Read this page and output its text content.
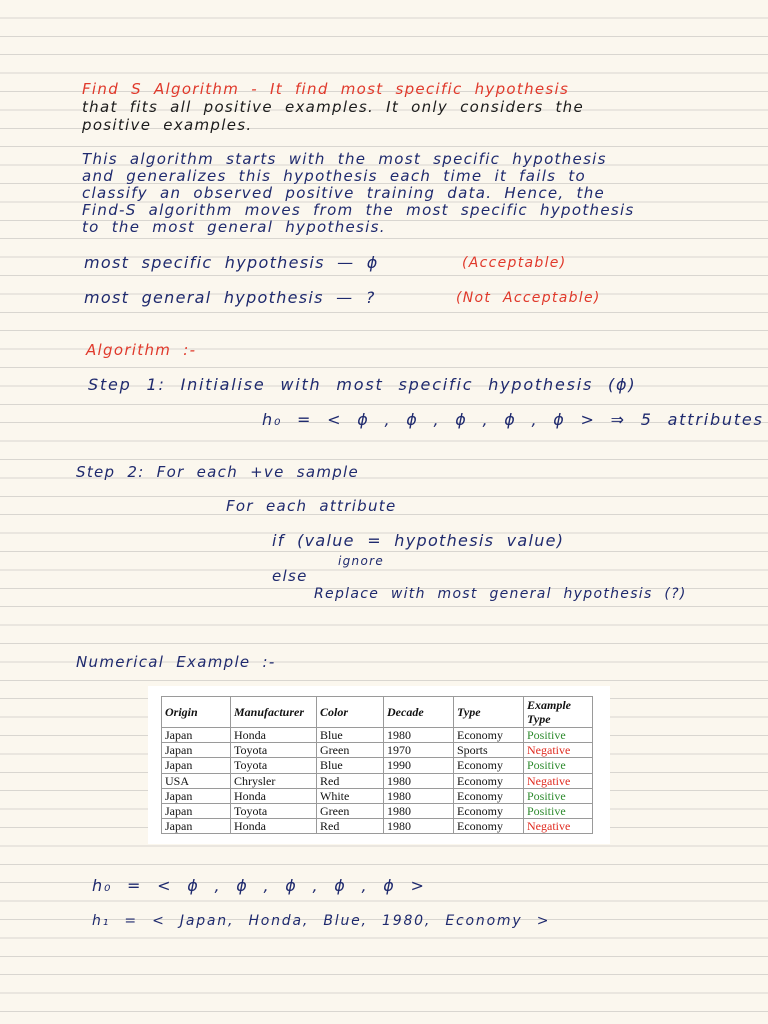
Find S Algorithm - It find most specific hypothesis

that fits all positive examples. It only considers the

positive examples.

This algorithm starts with the most specific hypothesis

and generalizes this hypothesis each time it fails to

classify an observed positive training data. Hence, the

Find-S algorithm moves from the most specific hypothesis

to the most general hypothesis.

most specific hypothesis — ϕ	(Acceptable)

most general hypothesis — ?	(Not Acceptable)

Algorithm :-

Step 1: Initialise with most specific hypothesis (ϕ)

h₀ = < ϕ , ϕ , ϕ , ϕ , ϕ > ⇒ 5 attributes

Step 2: For each +ve sample

For each attribute

if (value = hypothesis value)

ignore

else

Replace with most general hypothesis (?)

Numerical Example :-

Origin	Manufacturer	Color	Decade	Type	Example Type
Japan	Honda	Blue	1980	Economy	Positive
Japan	Toyota	Green	1970	Sports	Negative
Japan	Toyota	Blue	1990	Economy	Positive
USA	Chrysler	Red	1980	Economy	Negative
Japan	Honda	White	1980	Economy	Positive
Japan	Toyota	Green	1980	Economy	Positive
Japan	Honda	Red	1980	Economy	Negative

h₀ = < ϕ , ϕ , ϕ , ϕ , ϕ >

h₁ = < Japan, Honda, Blue, 1980, Economy >
